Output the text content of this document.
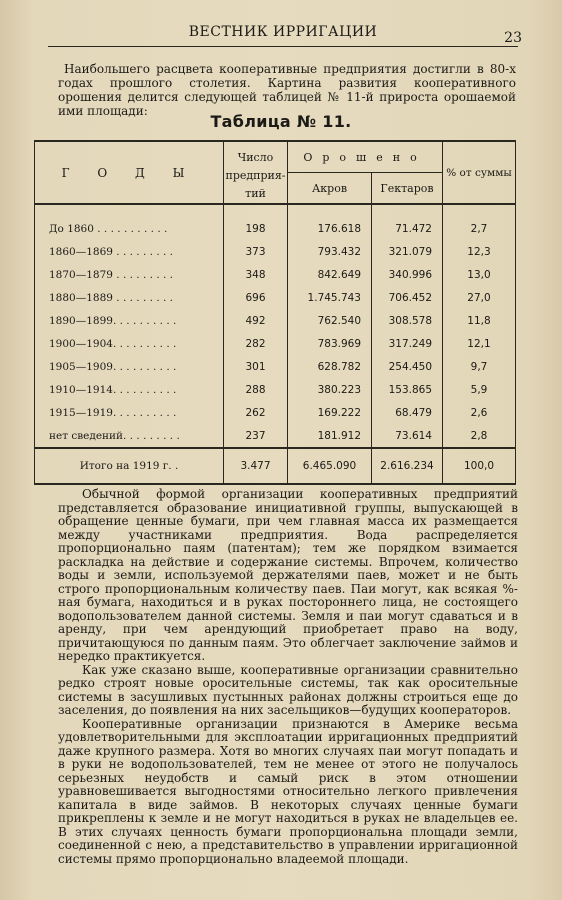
ВЕСТНИК ИРРИГАЦИИ	23

Наибольшего расцвета кооперативные предприятия достигли в 80-х годах прошлого столетия. Картина развития кооперативного орошения делится следующей таблицей № 11-й прироста орошаемой ими площади:

Таблица № 11.
Г О Д Ы	Число предприя- тий	Орошено		% от суммы
		Акров	Гектаров	
До 1860 . . . . . . . . . . .	198	176.618	71.472	2,7
1860—1869 . . . . . . . . .	373	793.432	321.079	12,3
1870—1879 . . . . . . . . .	348	842.649	340.996	13,0
1880—1889 . . . . . . . . .	696	1.745.743	706.452	27,0
1890—1899. . . . . . . . . .	492	762.540	308.578	11,8
1900—1904. . . . . . . . . .	282	783.969	317.249	12,1
1905—1909. . . . . . . . . .	301	628.782	254.450	9,7
1910—1914. . . . . . . . . .	288	380.223	153.865	5,9
1915—1919. . . . . . . . . .	262	169.222	68.479	2,6
нет сведений. . . . . . . . .	237	181.912	73.614	2,8
Итого на 1919 г. .	3.477	6.465.090	2.616.234	100,0

Обычной формой организации кооперативных предприятий представляется образование инициативной группы, выпускающей в обращение ценные бумаги, при чем главная масса их размещается между участниками предприятия. Вода распределяется пропорционально паям (патентам); тем же порядком взимается раскладка на действие и содержание системы. Впрочем, количество воды и земли, используемой держателями паев, может и не быть строго пропорциональным количеству паев. Паи могут, как всякая %-ная бумага, находиться и в руках постороннего лица, не состоящего водопользователем данной системы. Земля и паи могут сдаваться и в аренду, при чем арендующий приобретает право на воду, причитающуюся по данным паям. Это облегчает заключение займов и нередко практикуется.

Как уже сказано выше, кооперативные организации сравнительно редко строят новые оросительные системы, так как оросительные системы в засушливых пустынных районах должны строиться еще до заселения, до появления на них засельщиков—будущих кооператоров.

Кооперативные организации признаются в Америке весьма удовлетворительными для эксплоатации ирригационных предприятий даже крупного размера. Хотя во многих случаях паи могут попадать и в руки не водопользователей, тем не менее от этого не получалось серьезных неудобств и самый риск в этом отношении уравновешивается выгодностями относительно легкого привлечения капитала в виде займов. В некоторых случаях ценные бумаги прикреплены к земле и не могут находиться в руках не владельцев ее. В этих случаях ценность бумаги пропорциональна площади земли, соединенной с нею, а представительство в управлении ирригационной системы прямо пропорционально владеемой площади.
